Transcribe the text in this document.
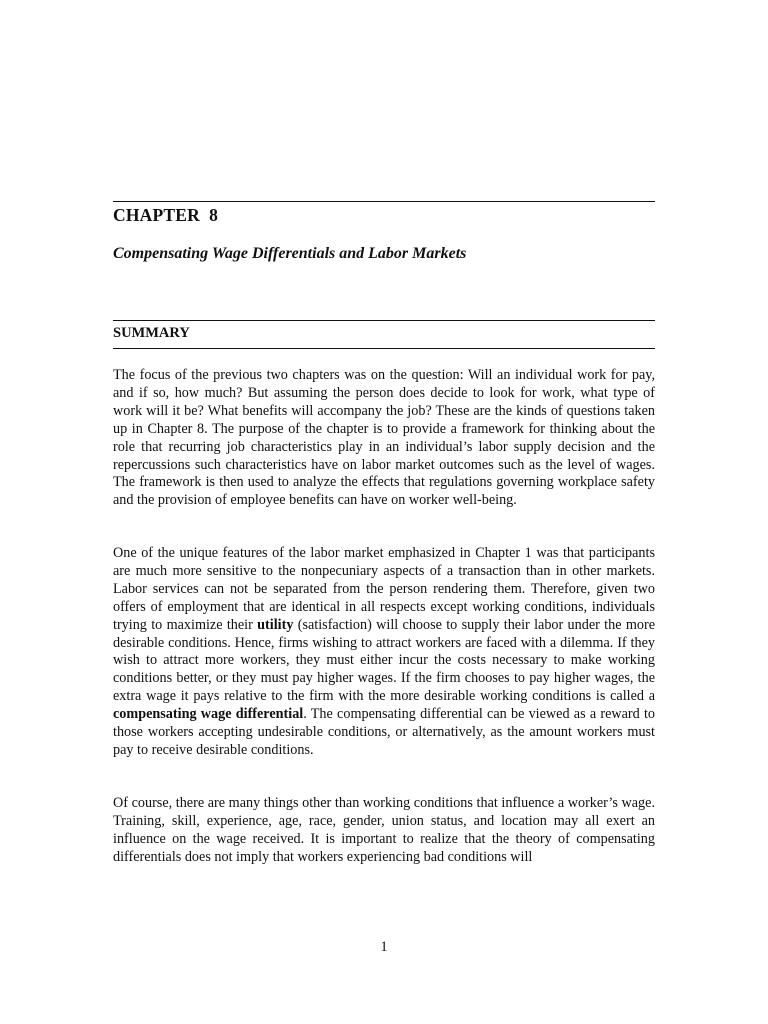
CHAPTER  8
Compensating Wage Differentials and Labor Markets
SUMMARY

The focus of the previous two chapters was on the question: Will an individual work for pay, and if so, how much? But assuming the person does decide to look for work, what type of work will it be? What benefits will accompany the job? These are the kinds of questions taken up in Chapter 8. The purpose of the chapter is to provide a framework for thinking about the role that recurring job characteristics play in an individual’s labor supply decision and the repercussions such characteristics have on labor market outcomes such as the level of wages. The framework is then used to analyze the effects that regulations governing workplace safety and the provision of employee benefits can have on worker well-being.

One of the unique features of the labor market emphasized in Chapter 1 was that participants are much more sensitive to the nonpecuniary aspects of a transaction than in other markets. Labor services can not be separated from the person rendering them. Therefore, given two offers of employment that are identical in all respects except working conditions, individuals trying to maximize their utility (satisfaction) will choose to supply their labor under the more desirable conditions. Hence, firms wishing to attract workers are faced with a dilemma. If they wish to attract more workers, they must either incur the costs necessary to make working conditions better, or they must pay higher wages. If the firm chooses to pay higher wages, the extra wage it pays relative to the firm with the more desirable working conditions is called a compensating wage differential. The compensating differential can be viewed as a reward to those workers accepting undesirable conditions, or alternatively, as the amount workers must pay to receive desirable conditions.

Of course, there are many things other than working conditions that influence a worker’s wage. Training, skill, experience, age, race, gender, union status, and location may all exert an influence on the wage received. It is important to realize that the theory of compensating differentials does not imply that workers experiencing bad conditions will

1
